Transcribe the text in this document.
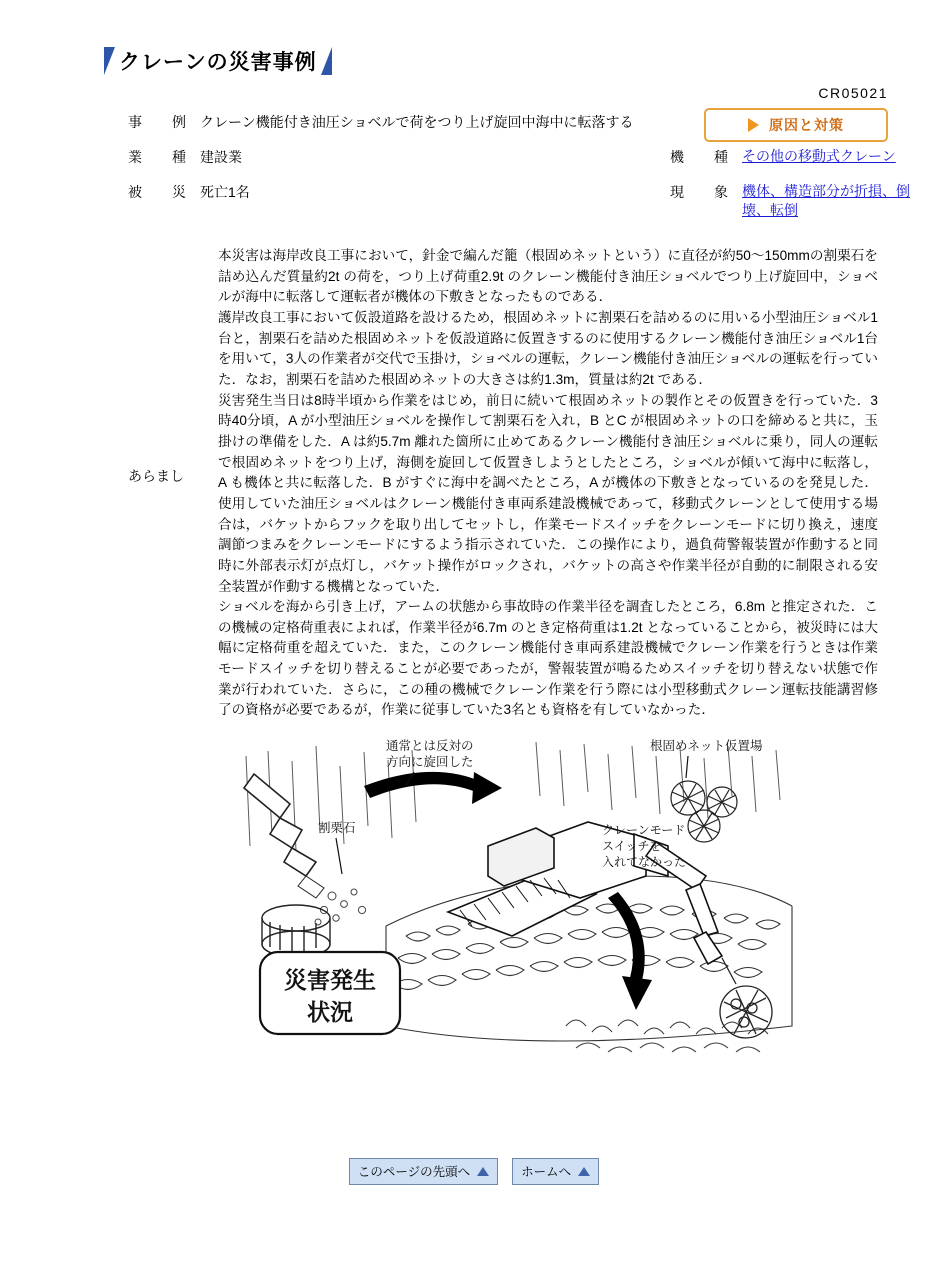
クレーンの災害事例
CR05021
原因と対策
事　例 クレーン機能付き油圧ショベルで荷をつり上げ旋回中海中に転落する
業　種 建設業	機　種 その他の移動式クレーン
被　災 死亡1名	現　象 機体、構造部分が折損、倒壊、転倒
あらまし

本災害は海岸改良工事において，針金で編んだ籠（根固めネットという）に直径が約50〜150mmの割栗石を詰め込んだ質量約2t の荷を，つり上げ荷重2.9t のクレーン機能付き油圧ショベルでつり上げ旋回中，ショベルが海中に転落して運転者が機体の下敷きとなったものである．

護岸改良工事において仮設道路を設けるため，根固めネットに割栗石を詰めるのに用いる小型油圧ショベル1台と，割栗石を詰めた根固めネットを仮設道路に仮置きするのに使用するクレーン機能付き油圧ショベル1台を用いて，3人の作業者が交代で玉掛け，ショベルの運転，クレーン機能付き油圧ショベルの運転を行っていた．なお，割栗石を詰めた根固めネットの大きさは約1.3m，質量は約2t である．

災害発生当日は8時半頃から作業をはじめ，前日に続いて根固めネットの製作とその仮置きを行っていた．3時40分頃，A が小型油圧ショベルを操作して割栗石を入れ，B とC が根固めネットの口を締めると共に，玉掛けの準備をした．A は約5.7m 離れた箇所に止めてあるクレーン機能付き油圧ショベルに乗り，同人の運転で根固めネットをつり上げ，海側を旋回して仮置きしようとしたところ，ショベルが傾いて海中に転落し，A も機体と共に転落した．B がすぐに海中を調べたところ，A が機体の下敷きとなっているのを発見した．使用していた油圧ショベルはクレーン機能付き車両系建設機械であって，移動式クレーンとして使用する場合は，バケットからフックを取り出してセットし，作業モードスイッチをクレーンモードに切り換え，速度調節つまみをクレーンモードにするよう指示されていた．この操作により，過負荷警報装置が作動すると同時に外部表示灯が点灯し，バケット操作がロックされ，バケットの高さや作業半径が自動的に制限される安全装置が作動する機構となっていた．

ショベルを海から引き上げ，アームの状態から事故時の作業半径を調査したところ，6.8m と推定された．この機械の定格荷重表によれば，作業半径が6.7m のとき定格荷重は1.2t となっていることから，被災時には大幅に定格荷重を超えていた．また，このクレーン機能付き車両系建設機械でクレーン作業を行うときは作業モードスイッチを切り替えることが必要であったが，警報装置が鳴るためスイッチを切り替えない状態で作業が行われていた．さらに，この種の機械でクレーン作業を行う際には小型移動式クレーン運転技能講習修了の資格が必要であるが，作業に従事していた3名とも資格を有していなかった．

通常とは反対の
方向に旋回した
割栗石
根固めネット仮置場
クレーンモード
スイッチを
入れてなかった
災害発生
状況
このページの先頭へ	ホームへ
